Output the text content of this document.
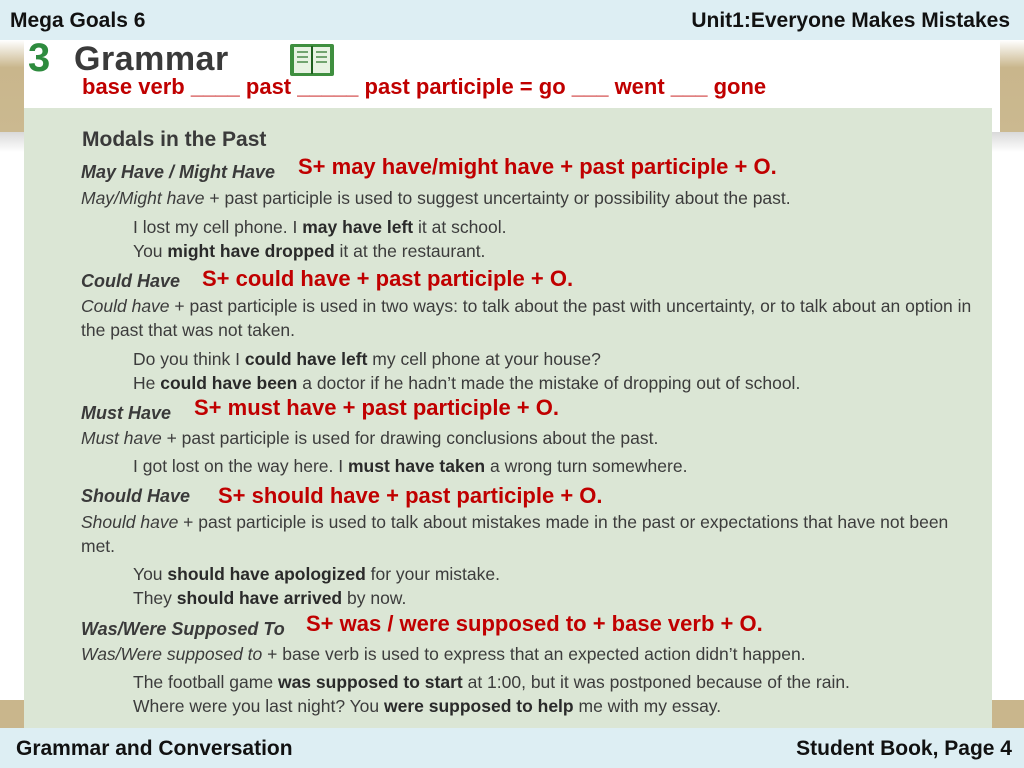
Mega Goals 6	Unit1:Everyone Makes Mistakes
3 Grammar
base verb ____ past _____ past participle = go ___ went ___ gone
Modals in the Past
May Have / Might Have S+ may have/might have + past participle + O.
May/Might have + past participle is used to suggest uncertainty or possibility about the past.
I lost my cell phone. I may have left it at school.
You might have dropped it at the restaurant.
Could Have S+ could have + past participle + O.
Could have + past participle is used in two ways: to talk about the past with uncertainty, or to talk about an option in the past that was not taken.
Do you think I could have left my cell phone at your house?
He could have been a doctor if he hadn’t made the mistake of dropping out of school.
Must Have S+ must have + past participle + O.
Must have + past participle is used for drawing conclusions about the past.
I got lost on the way here. I must have taken a wrong turn somewhere.
Should Have S+ should have + past participle + O.
Should have + past participle is used to talk about mistakes made in the past or expectations that have not been met.
You should have apologized for your mistake.
They should have arrived by now.
Was/Were Supposed To S+ was / were supposed to + base verb + O.
Was/Were supposed to + base verb is used to express that an expected action didn’t happen.
The football game was supposed to start at 1:00, but it was postponed because of the rain.
Where were you last night? You were supposed to help me with my essay.
Grammar and Conversation	Student Book, Page 4
